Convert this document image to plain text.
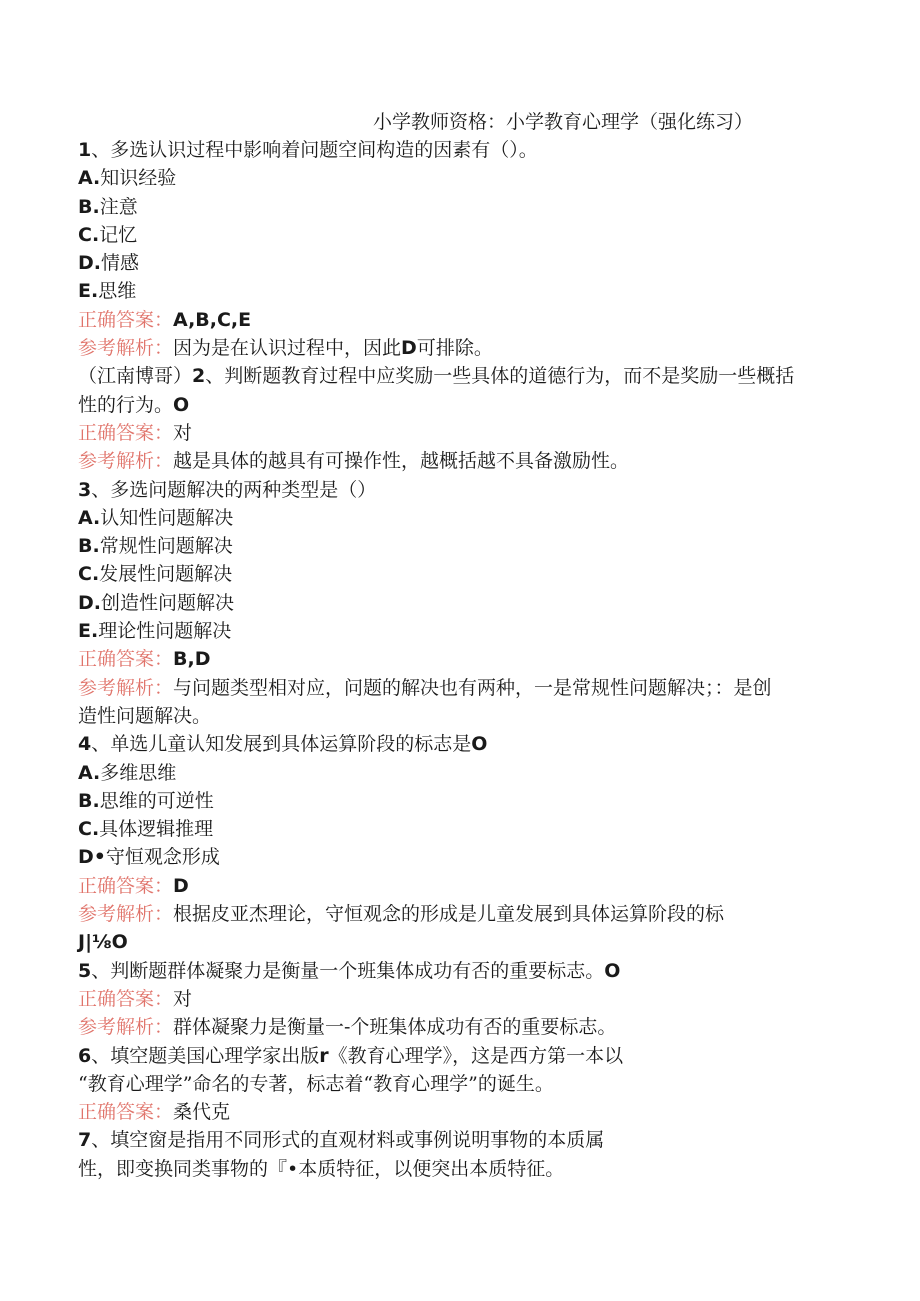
小学教师资格：小学教育心理学（强化练习）
1、多选认识过程中影响着问题空间构造的因素有（）。
A.知识经验
B.注意
C.记忆
D.情感
E.思维
正确答案：A,B,C,E
参考解析：因为是在认识过程中，因此D可排除。
（江南博哥）2、判断题教育过程中应奖励一些具体的道德行为，而不是奖励一些概括
性的行为。O
正确答案：对
参考解析：越是具体的越具有可操作性，越概括越不具备激励性。
3、多选问题解决的两种类型是（）
A.认知性问题解决
B.常规性问题解决
C.发展性问题解决
D.创造性问题解决
E.理论性问题解决
正确答案：B,D
参考解析：与问题类型相对应，问题的解决也有两种，一是常规性问题解决；：是创
造性问题解决。
4、单选儿童认知发展到具体运算阶段的标志是O
A.多维思维
B.思维的可逆性
C.具体逻辑推理
D•守恒观念形成
正确答案：D
参考解析：根据皮亚杰理论，守恒观念的形成是儿童发展到具体运算阶段的标
J|⅛O
5、判断题群体凝聚力是衡量一个班集体成功有否的重要标志。O
正确答案：对
参考解析：群体凝聚力是衡量一-个班集体成功有否的重要标志。
6、填空题美国心理学家出版r《教育心理学》，这是西方第一本以
“教育心理学”命名的专著，标志着“教育心理学”的诞生。
正确答案：桑代克
7、填空窗是指用不同形式的直观材料或事例说明事物的本质属
性，即变换同类事物的『•本质特征，以便突出本质特征。
